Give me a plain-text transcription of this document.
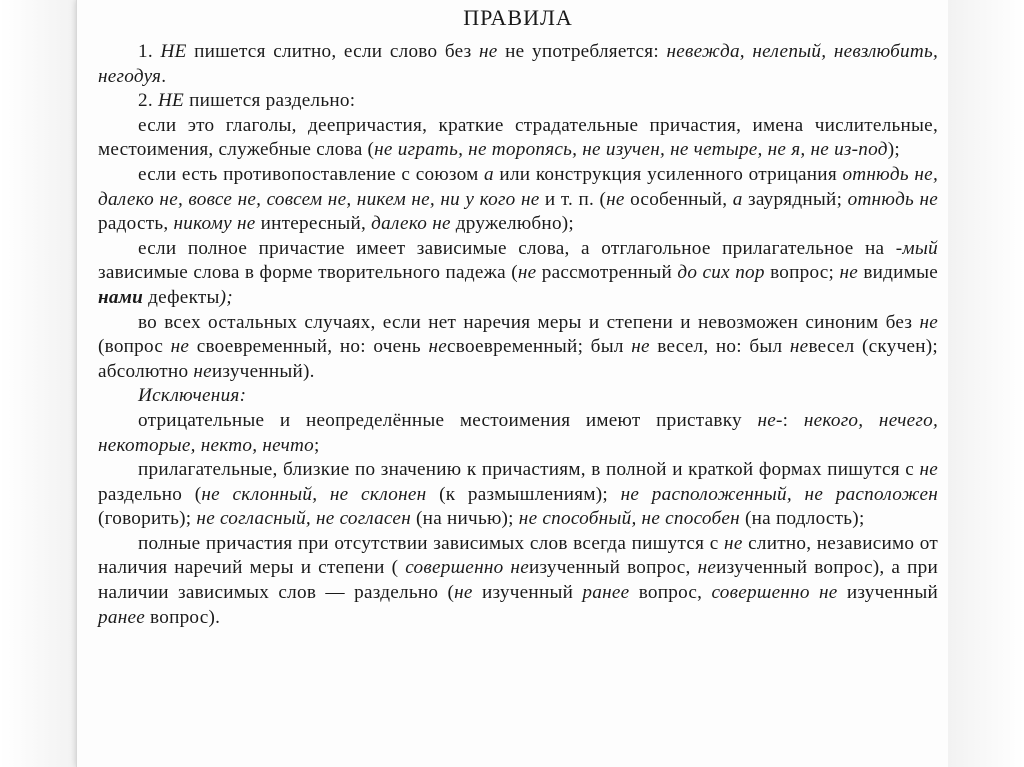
ПРАВИЛА

1. НЕ пишется слитно, если слово без не не употребляется: невежда, нелепый, невзлюбить, негодуя.

2. НЕ пишется раздельно:

если это глаголы, деепричастия, краткие страдательные причастия, имена числительные, местоимения, служебные слова (не играть, не торопясь, не изучен, не четыре, не я, не из-под);

если есть противопоставление с союзом а или конструкция усиленного отрицания отнюдь не, далеко не, вовсе не, совсем не, никем не, ни у кого не и т. п. (не особенный, а заурядный; отнюдь не радость, никому не интересный, далеко не дружелюбно);

если полное причастие имеет зависимые слова, а отглагольное прилагательное на -мый зависимые слова в форме творительного падежа (не рассмотренный до сих пор вопрос; не видимые нами дефекты);

во всех остальных случаях, если нет наречия меры и степени и невозможен синоним без не (вопрос не своевременный, но: очень несвоевременный; был не весел, но: был невесел (скучен); абсолютно неизученный).

Исключения:

отрицательные и неопределённые местоимения имеют приставку не-: некого, нечего, некоторые, некто, нечто;

прилагательные, близкие по значению к причастиям, в полной и краткой формах пишутся с не раздельно (не склонный, не склонен (к размышлениям); не расположенный, не расположен (говорить); не согласный, не согласен (на ничью); не способный, не способен (на подлость);

полные причастия при отсутствии зависимых слов всегда пишутся с не слитно, независимо от наличия наречий меры и степени ( совершенно неизученный вопрос, неизученный вопрос), а при наличии зависимых слов — раздельно (не изученный ранее вопрос, совершенно не изученный ранее вопрос).
